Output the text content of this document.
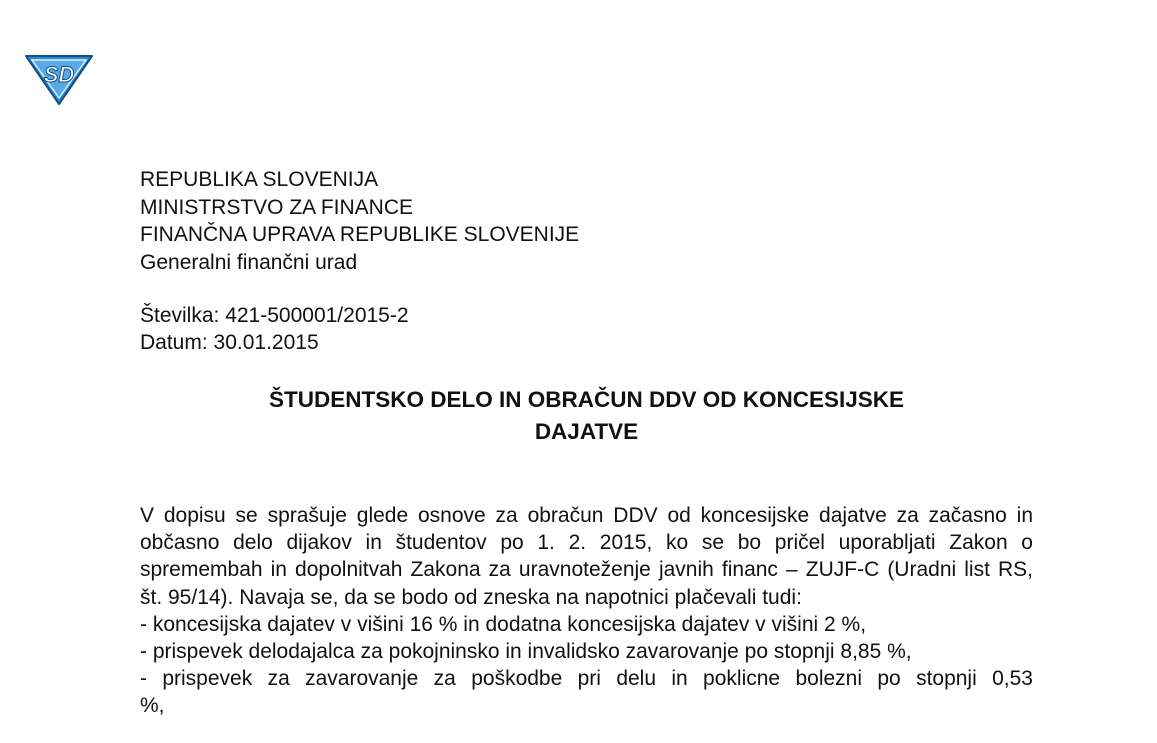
SD
REPUBLIKA SLOVENIJA
MINISTRSTVO ZA FINANCE
FINANČNA UPRAVA REPUBLIKE SLOVENIJE
Generalni finančni urad
Številka: 421-500001/2015-2
Datum: 30.01.2015
ŠTUDENTSKO DELO IN OBRAČUN DDV OD KONCESIJSKE
DAJATVE

V dopisu se sprašuje glede osnove za obračun DDV od koncesijske dajatve za začasno in občasno delo dijakov in študentov po 1. 2. 2015, ko se bo pričel uporabljati Zakon o spremembah in dopolnitvah Zakona za uravnoteženje javnih financ – ZUJF-C (Uradni list RS, št. 95/14). Navaja se, da se bodo od zneska na napotnici plačevali tudi:

- koncesijska dajatev v višini 16 % in dodatna koncesijska dajatev v višini 2 %,

- prispevek delodajalca za pokojninsko in invalidsko zavarovanje po stopnji 8,85 %,

- prispevek za zavarovanje za poškodbe pri delu in poklicne bolezni po stopnji 0,53

%,
